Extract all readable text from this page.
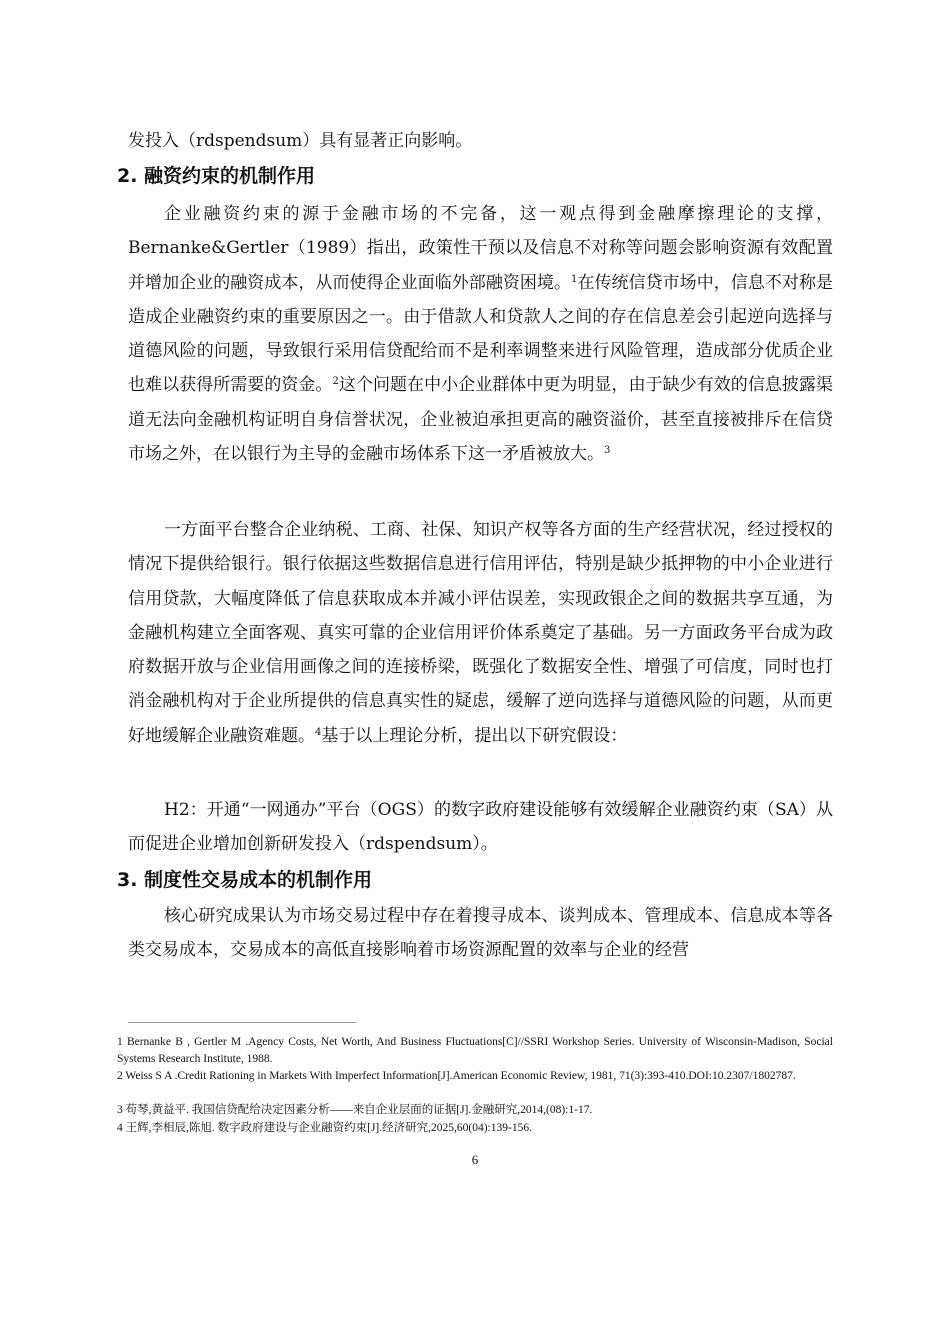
发投入（rdspendsum）具有显著正向影响。

2. 融资约束的机制作用

企业融资约束的源于金融市场的不完备，这一观点得到金融摩擦理论的支撑，Bernanke&Gertler（1989）指出，政策性干预以及信息不对称等问题会影响资源有效配置并增加企业的融资成本，从而使得企业面临外部融资困境。$^1$在传统信贷市场中，信息不对称是造成企业融资约束的重要原因之一。由于借款人和贷款人之间的存在信息差会引起逆向选择与道德风险的问题，导致银行采用信贷配给而不是利率调整来进行风险管理，造成部分优质企业也难以获得所需要的资金。$^2$这个问题在中小企业群体中更为明显，由于缺少有效的信息披露渠道无法向金融机构证明自身信誉状况，企业被迫承担更高的融资溢价，甚至直接被排斥在信贷市场之外，在以银行为主导的金融市场体系下这一矛盾被放大。$^3$

一方面平台整合企业纳税、工商、社保、知识产权等各方面的生产经营状况，经过授权的情况下提供给银行。银行依据这些数据信息进行信用评估，特别是缺少抵押物的中小企业进行信用贷款，大幅度降低了信息获取成本并减小评估误差，实现政银企之间的数据共享互通，为金融机构建立全面客观、真实可靠的企业信用评价体系奠定了基础。另一方面政务平台成为政府数据开放与企业信用画像之间的连接桥梁，既强化了数据安全性、增强了可信度，同时也打消金融机构对于企业所提供的信息真实性的疑虑，缓解了逆向选择与道德风险的问题，从而更好地缓解企业融资难题。$^4$基于以上理论分析，提出以下研究假设：

H2：开通“一网通办”平台（OGS）的数字政府建设能够有效缓解企业融资约束（SA）从而促进企业增加创新研发投入（rdspendsum）。

3. 制度性交易成本的机制作用

核心研究成果认为市场交易过程中存在着搜寻成本、谈判成本、管理成本、信息成本等各类交易成本，交易成本的高低直接影响着市场资源配置的效率与企业的经营

1 Bernanke B , Gertler M .Agency Costs, Net Worth, And Business Fluctuations[C]//SSRI Workshop Series. University of Wisconsin-Madison, Social Systems Research Institute, 1988.

2 Weiss S A .Credit Rationing in Markets With Imperfect Information[J].American Economic Review, 1981, 71(3):393-410.DOI:10.2307/1802787.

3 苟琴,黄益平. 我国信贷配给决定因素分析——来自企业层面的证据[J].金融研究,2014,(08):1-17.

4 王辉,李相辰,陈旭. 数字政府建设与企业融资约束[J].经济研究,2025,60(04):139-156.

6
